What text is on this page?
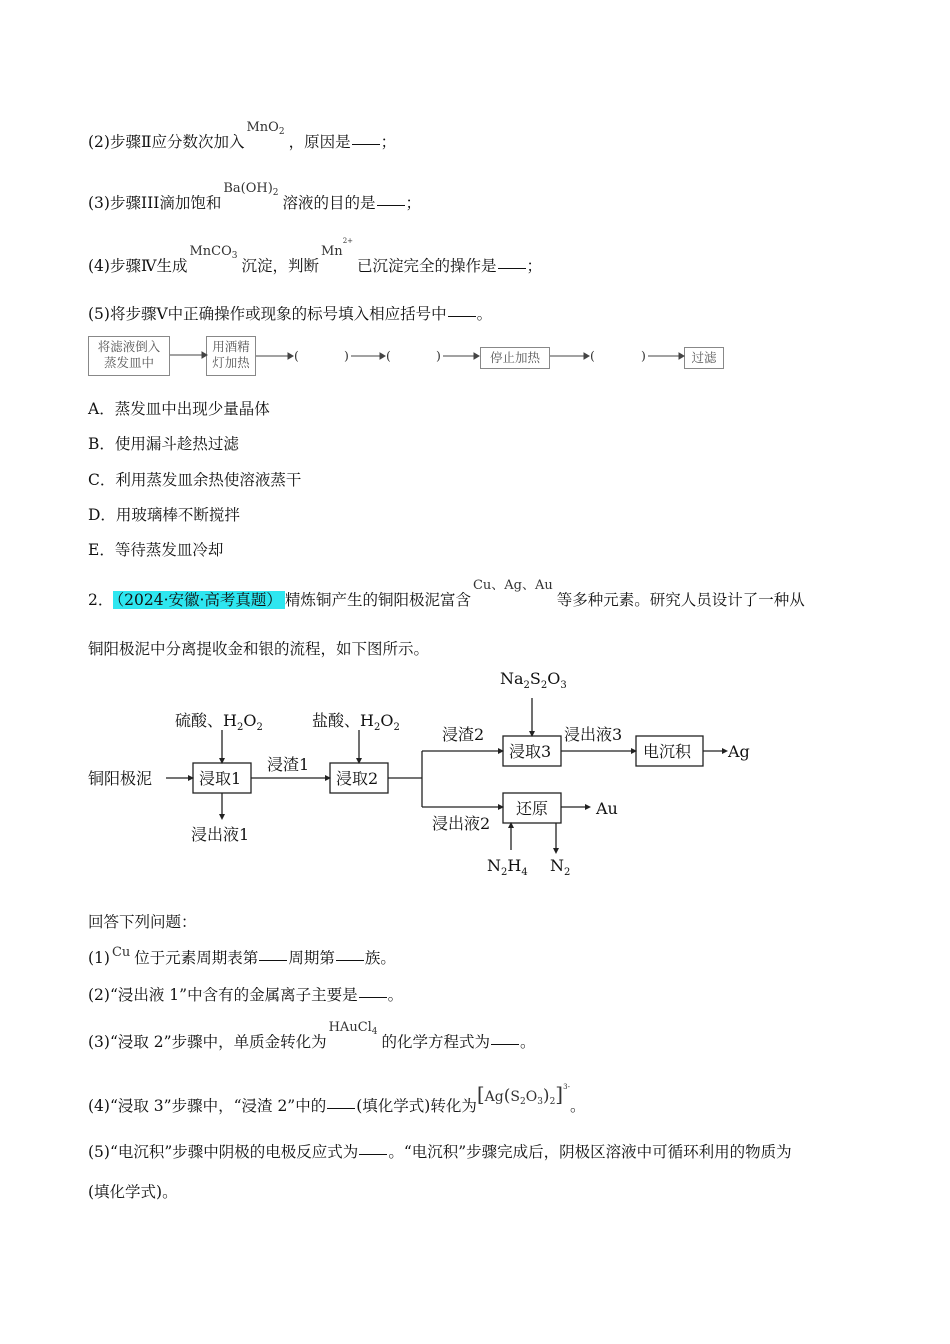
(2)步骤Ⅱ应分数次加入$^{MnO_2}$，原因是 ；
(3)步骤III滴加饱和$^{Ba(OH)_2}$溶液的目的是 ；
(4)步骤Ⅳ生成$^{MnCO_3}$沉淀，判断$^{Mn^{2+}}$已沉淀完全的操作是 ；
(5)将步骤Ⅴ中正确操作或现象的标号填入相应括号中 。
将滤液倒入
蒸发皿中
用酒精
灯加热	停止加热	过滤
(	)	(	)	(	)
A．蒸发皿中出现少量晶体
B．使用漏斗趁热过滤
C．利用蒸发皿余热使溶液蒸干
D．用玻璃棒不断搅拌
E．等待蒸发皿冷却
2． （2024·安徽·高考真题） 精炼铜产生的铜阳极泥富含$^{Cu、Ag、Au}$等多种元素。研究人员设计了一种从
铜阳极泥中分离提收金和银的流程，如下图所示。
铜阳极泥
硫酸、$H_2O_2$
浸取1
浸渣1
浸出液1
盐酸、$H_2O_2$
浸取2
浸渣2
浸出液2
$Na_2S_2O_3$
浸取3
浸出液3
电沉积 Ag
还原	Au
$N_2H_4$ $N_2$
回答下列问题：
(1) $^{Cu}$ 位于元素周期表第 周期第 族。
(2)“浸出液 1”中含有的金属离子主要是 。
(3)“浸取 2”步骤中，单质金转化为$^{HAuCl_4}$的化学方程式为 。
(4)“浸取 3”步骤中，“浸渣 2”中的 (填化学式)转化为$[Ag(S_2O_3)_2]^{3-}$。
(5)“电沉积”步骤中阴极的电极反应式为 。“电沉积”步骤完成后，阴极区溶液中可循环利用的物质为
(填化学式)。
